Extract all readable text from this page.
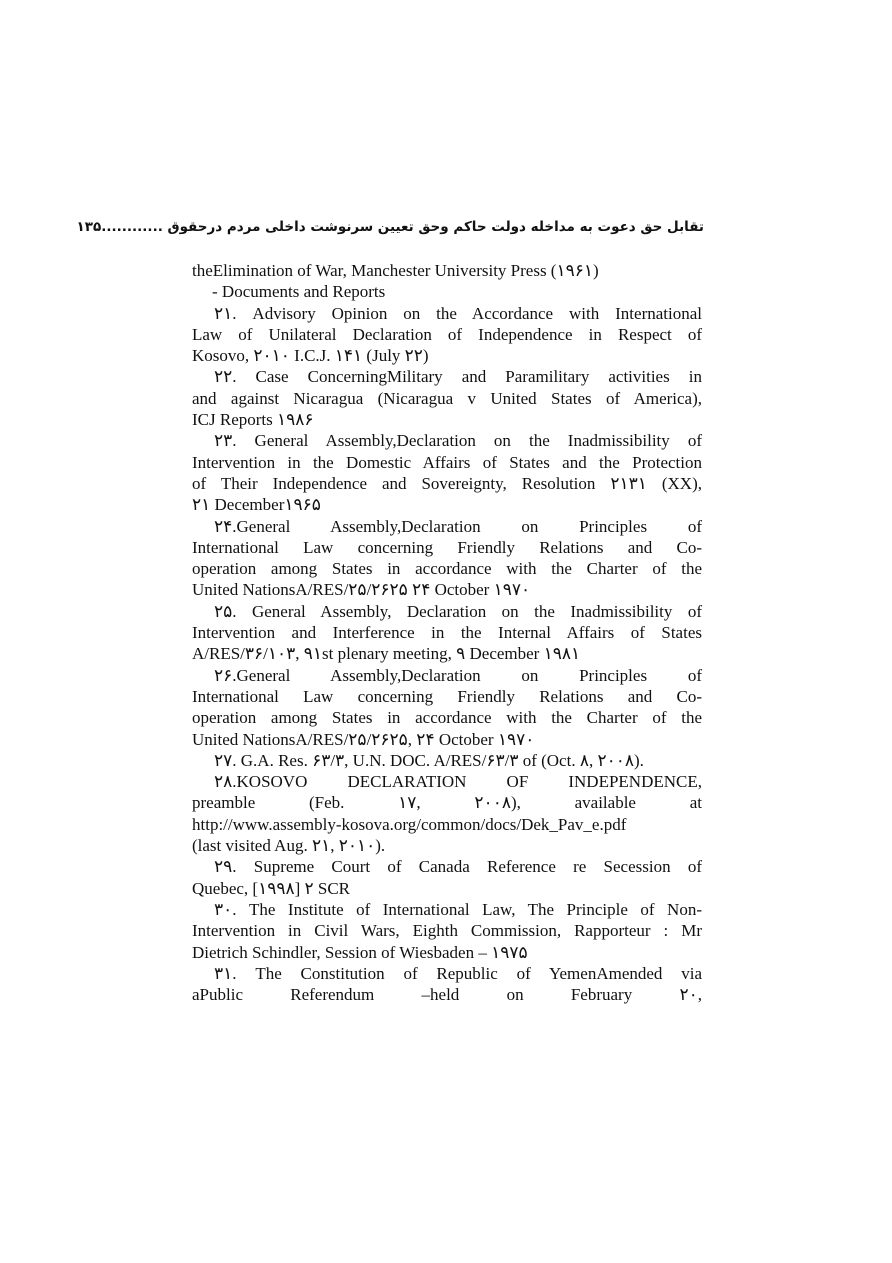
تقابل حق دعوت به مداخله دولت حاکم وحق تعیین سرنوشت داخلی مردم درحقوق ............۱۳۵
theElimination of War, Manchester University Press (۱۹۶۱)
- Documents and Reports
۲۱. Advisory Opinion on the Accordance with International
Law of Unilateral Declaration of Independence in Respect of
Kosovo, ۲۰۱۰ I.C.J. ۱۴۱ (July ۲۲)
۲۲. Case ConcerningMilitary and Paramilitary activities in
and against Nicaragua (Nicaragua v United States of America),
ICJ Reports ۱۹۸۶
۲۳. General Assembly,Declaration on the Inadmissibility of
Intervention in the Domestic Affairs of States and the Protection
of Their Independence and Sovereignty, Resolution ۲۱۳۱ (XX),
۲۱ December۱۹۶۵
۲۴.General Assembly,Declaration on Principles of
International Law concerning Friendly Relations and Co-
operation among States in accordance with the Charter of the
United NationsA/RES/۲۵/۲۶۲۵ ۲۴ October ۱۹۷۰
۲۵. General Assembly, Declaration on the Inadmissibility of
Intervention and Interference in the Internal Affairs of States
A/RES/۳۶/۱۰۳, ۹۱st plenary meeting, ۹ December ۱۹۸۱
۲۶.General Assembly,Declaration on Principles of
International Law concerning Friendly Relations and Co-
operation among States in accordance with the Charter of the
United NationsA/RES/۲۵/۲۶۲۵, ۲۴ October ۱۹۷۰
۲۷. G.A. Res. ۶۳/۳, U.N. DOC. A/RES/۶۳/۳ of (Oct. ۸, ۲۰۰۸).
۲۸.KOSOVO DECLARATION OF INDEPENDENCE,
preamble (Feb. ۱۷, ۲۰۰۸), available at
http://www.assembly-kosova.org/common/docs/Dek_Pav_e.pdf
(last visited Aug. ۲۱, ۲۰۱۰).
۲۹. Supreme Court of Canada Reference re Secession of
Quebec, [۱۹۹۸] ۲ SCR
۳۰. The Institute of International Law, The Principle of Non-
Intervention in Civil Wars, Eighth Commission, Rapporteur : Mr
Dietrich Schindler, Session of Wiesbaden – ۱۹۷۵
۳۱. The Constitution of Republic of YemenAmended via
aPublic Referendum –held on February ۲۰,
